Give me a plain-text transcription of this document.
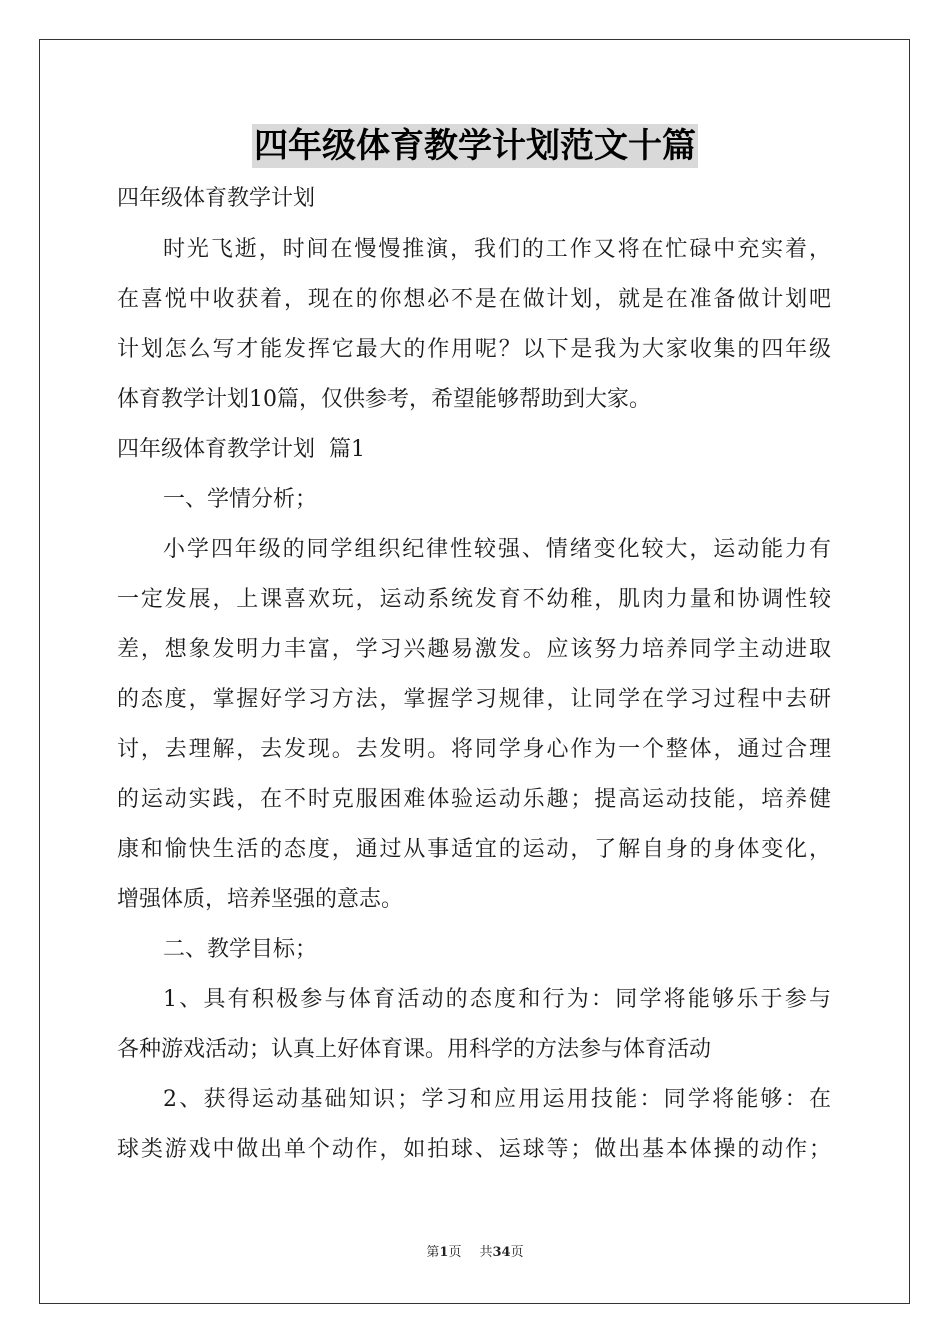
四年级体育教学计划范文十篇
四年级体育教学计划
时光飞逝，时间在慢慢推演，我们的工作又将在忙碌中充实着，
在喜悦中收获着，现在的你想必不是在做计划，就是在准备做计划吧
计划怎么写才能发挥它最大的作用呢？以下是我为大家收集的四年级
体育教学计划10篇，仅供参考，希望能够帮助到大家。
四年级体育教学计划  篇1
一、学情分析；
小学四年级的同学组织纪律性较强、情绪变化较大，运动能力有
一定发展，上课喜欢玩，运动系统发育不幼稚，肌肉力量和协调性较
差，想象发明力丰富，学习兴趣易激发。应该努力培养同学主动进取
的态度，掌握好学习方法，掌握学习规律，让同学在学习过程中去研
讨，去理解，去发现。去发明。将同学身心作为一个整体，通过合理
的运动实践，在不时克服困难体验运动乐趣；提高运动技能，培养健
康和愉快生活的态度，通过从事适宜的运动，了解自身的身体变化，
增强体质，培养坚强的意志。
二、教学目标；
1、具有积极参与体育活动的态度和行为：同学将能够乐于参与
各种游戏活动；认真上好体育课。用科学的方法参与体育活动
2、获得运动基础知识；学习和应用运用技能：同学将能够：在
球类游戏中做出单个动作，如拍球、运球等；做出基本体操的动作；
第1页 共34页
